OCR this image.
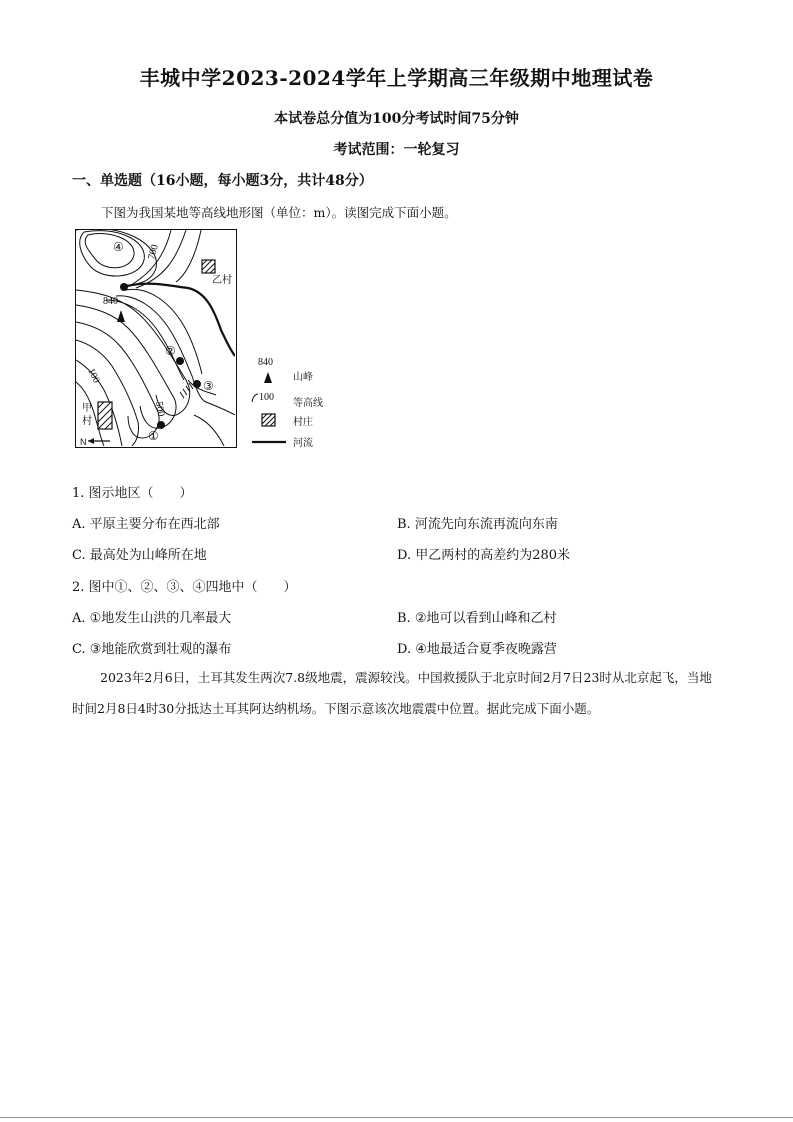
丰城中学2023-2024学年上学期高三年级期中地理试卷
本试卷总分值为100分考试时间75分钟
考试范围：一轮复习
一、单选题（16小题，每小题3分，共计48分）
下图为我国某地等高线地形图（单位：m）。读图完成下面小题。
700
840
500
100
乙村
甲
村
N
④
②
③
①
840
山峰
100
等高线
村庄
河流
1. 图示地区（　　）
A. 平原主要分布在西北部	B. 河流先向东流再流向东南
C. 最高处为山峰所在地	D. 甲乙两村的高差约为280米
2. 图中①、②、③、④四地中（　　）
A. ①地发生山洪的几率最大	B. ②地可以看到山峰和乙村
C. ③地能欣赏到壮观的瀑布	D. ④地最适合夏季夜晚露营
2023年2月6日，土耳其发生两次7.8级地震，震源较浅。中国救援队于北京时间2月7日23时从北京起飞，当地时间2月8日4时30分抵达土耳其阿达纳机场。下图示意该次地震震中位置。据此完成下面小题。
